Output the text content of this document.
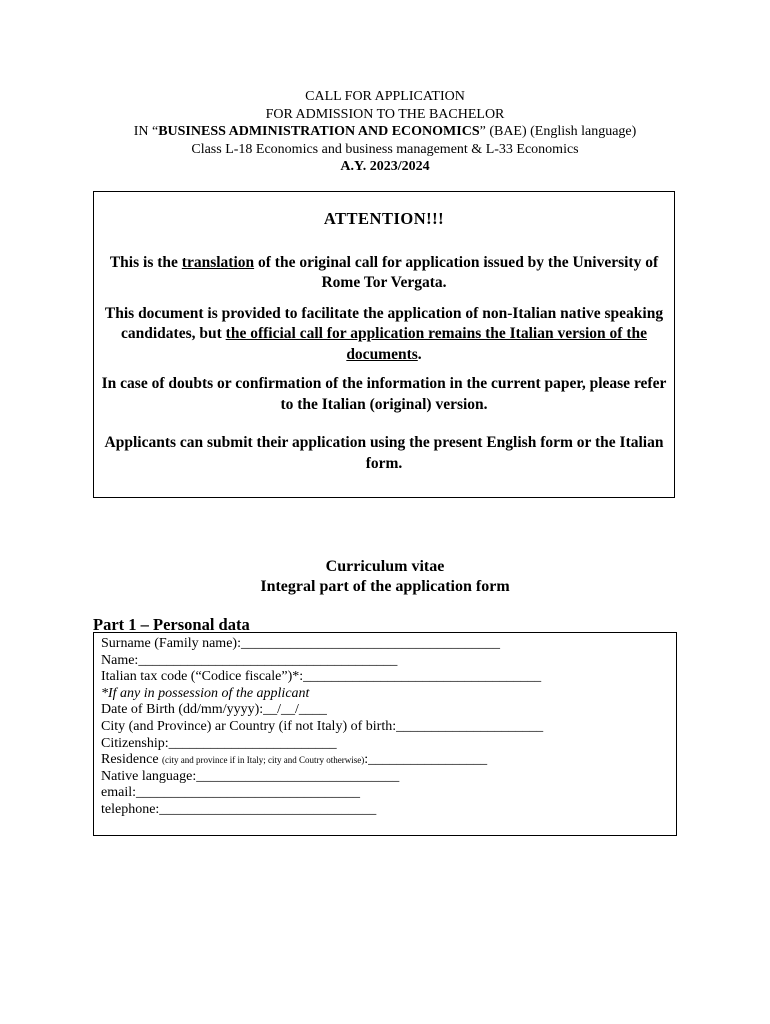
CALL FOR APPLICATION
FOR ADMISSION TO THE BACHELOR
IN “BUSINESS ADMINISTRATION AND ECONOMICS” (BAE) (English language)
Class L-18 Economics and business management & L-33 Economics
A.Y. 2023/2024
ATTENTION!!!

This is the translation of the original call for application issued by the University of Rome Tor Vergata.

This document is provided to facilitate the application of non-Italian native speaking candidates, but the official call for application remains the Italian version of the documents.

In case of doubts or confirmation of the information in the current paper, please refer to the Italian (original) version.

Applicants can submit their application using the present English form or the Italian form.

Curriculum vitae
Integral part of the application form
Part 1 – Personal data
Surname (Family name):_____________________________________
Name:_____________________________________
Italian tax code (“Codice fiscale”)*:__________________________________
*If any in possession of the applicant
Date of Birth (dd/mm/yyyy):__/__/____
City (and Province) ar Country (if not Italy) of birth:_____________________
Citizenship:________________________
Residence (city and province if in Italy; city and Coutry otherwise):_________________
Native language:_____________________________
email:________________________________
telephone:_______________________________
